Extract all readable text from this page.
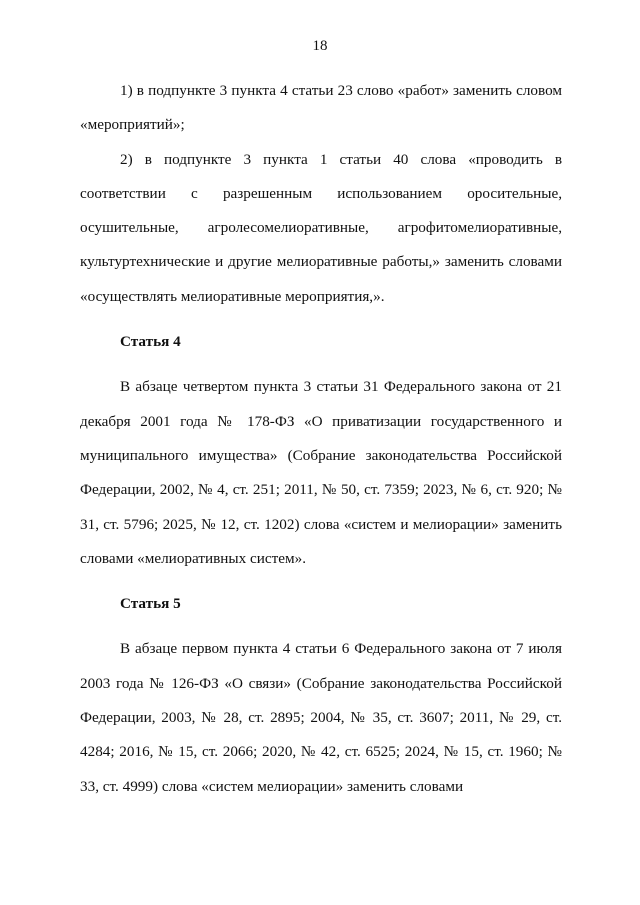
18

1) в подпункте 3 пункта 4 статьи 23 слово «работ» заменить словом «мероприятий»;

2) в подпункте 3 пункта 1 статьи 40 слова «проводить в соответствии с разрешенным использованием оросительные, осушительные, агролесомелиоративные, агрофитомелиоративные, культуртехнические и другие мелиоративные работы,» заменить словами «осуществлять мелиоративные мероприятия,».

Статья 4

В абзаце четвертом пункта 3 статьи 31 Федерального закона от 21 декабря 2001 года № 178-ФЗ «О приватизации государственного и муниципального имущества» (Собрание законодательства Российской Федерации, 2002, № 4, ст. 251; 2011, № 50, ст. 7359; 2023, № 6, ст. 920; № 31, ст. 5796; 2025, № 12, ст. 1202) слова «систем и мелиорации» заменить словами «мелиоративных систем».

Статья 5

В абзаце первом пункта 4 статьи 6 Федерального закона от 7 июля 2003 года № 126-ФЗ «О связи» (Собрание законодательства Российской Федерации, 2003, № 28, ст. 2895; 2004, № 35, ст. 3607; 2011, № 29, ст. 4284; 2016, № 15, ст. 2066; 2020, № 42, ст. 6525; 2024, № 15, ст. 1960; № 33, ст. 4999) слова «систем мелиорации» заменить словами
